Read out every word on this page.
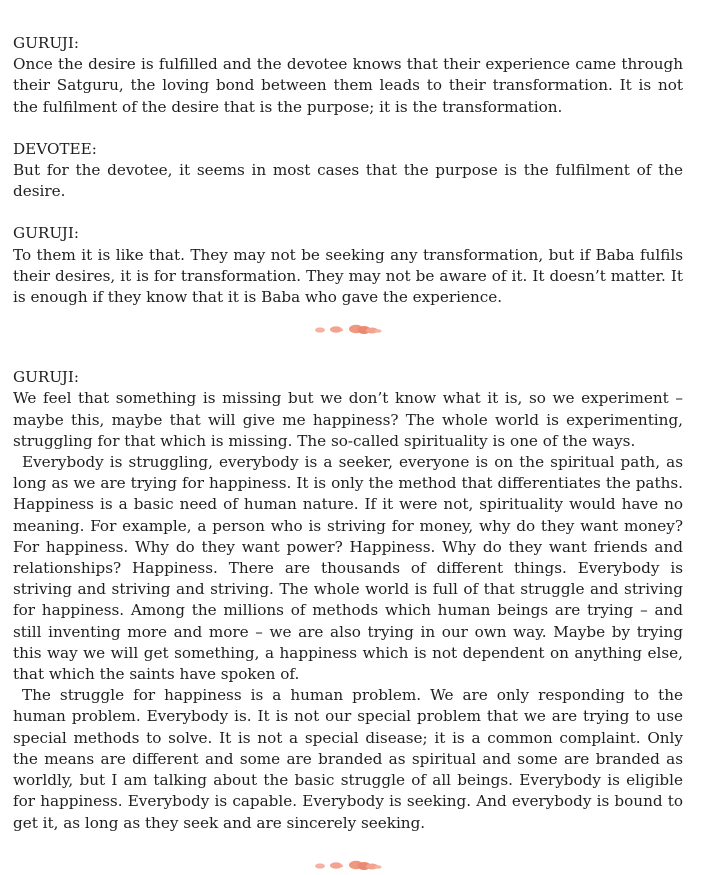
GURUJI:

Once the desire is fulfilled and the devotee knows that their experience came through their Satguru, the loving bond between them leads to their transformation. It is not the fulfilment of the desire that is the purpose; it is the transformation.

DEVOTEE:

But for the devotee, it seems in most cases that the purpose is the fulfilment of the desire.

GURUJI:

To them it is like that. They may not be seeking any transformation, but if Baba fulfils their desires, it is for transformation. They may not be aware of it. It doesn’t matter. It is enough if they know that it is Baba who gave the experience.

GURUJI:

We feel that something is missing but we don’t know what it is, so we experiment – maybe this, maybe that will give me happiness? The whole world is experimenting, struggling for that which is missing. The so-called spirituality is one of the ways.

Everybody is struggling, everybody is a seeker, everyone is on the spiritual path, as long as we are trying for happiness. It is only the method that differentiates the paths. Happiness is a basic need of human nature. If it were not, spirituality would have no meaning. For example, a person who is striving for money, why do they want money? For happiness. Why do they want power? Happiness. Why do they want friends and relationships? Happiness. There are thousands of different things. Everybody is striving and striving and striving. The whole world is full of that struggle and striving for happiness. Among the millions of methods which human beings are trying – and still inventing more and more – we are also trying in our own way. Maybe by trying this way we will get something, a happiness which is not dependent on anything else, that which the saints have spoken of.

The struggle for happiness is a human problem. We are only responding to the human problem. Everybody is. It is not our special problem that we are trying to use special methods to solve. It is not a special disease; it is a common complaint. Only the means are different and some are branded as spiritual and some are branded as worldly, but I am talking about the basic struggle of all beings. Everybody is eligible for happiness. Everybody is capable. Everybody is seeking. And everybody is bound to get it, as long as they seek and are sincerely seeking.
